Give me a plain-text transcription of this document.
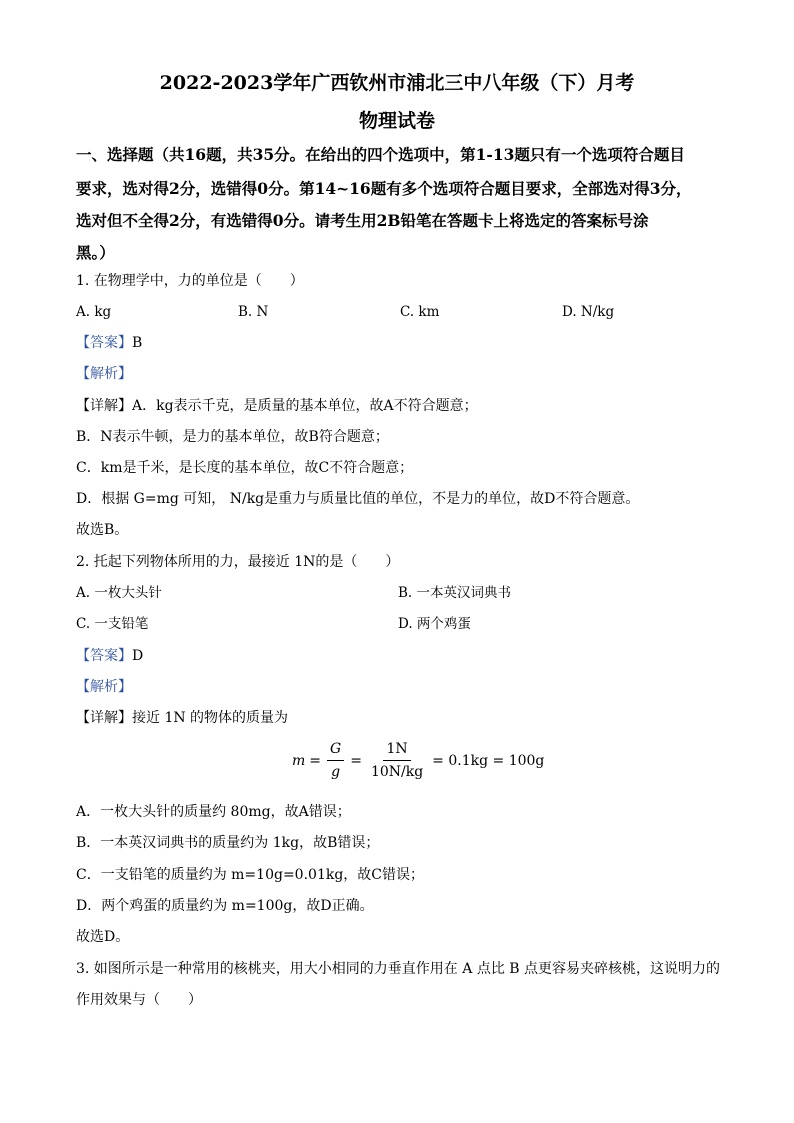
2022-2023学年广西钦州市浦北三中八年级（下）月考
物理试卷
一、选择题（共16题，共35分。在给出的四个选项中，第1-13题只有一个选项符合题目
要求，选对得2分，选错得0分。第14~16题有多个选项符合题目要求，全部选对得3分，
选对但不全得2分，有选错得0分。请考生用2B铅笔在答题卡上将选定的答案标号涂
黑。）
1. 在物理学中，力的单位是（　　）
A. kg	B. N	C. km	D. N/kg
【答案】B
【解析】
【详解】A．kg表示千克，是质量的基本单位，故A不符合题意；
B．N表示牛顿，是力的基本单位，故B符合题意；
C．km是千米，是长度的基本单位，故C不符合题意；
D．根据 G=mg 可知， N/kg是重力与质量比值的单位，不是力的单位，故D不符合题意。
故选B。
2. 托起下列物体所用的力，最接近 1N的是（　　）
A. 一枚大头针	B. 一本英汉词典书
C. 一支铅笔	D. 两个鸡蛋
【答案】D
【解析】
【详解】接近 1N 的物体的质量为
$m = \frac{G}{g} = \frac{1N}{10N/kg} = 0.1kg = 100g$
A．一枚大头针的质量约 80mg，故A错误；
B．一本英汉词典书的质量约为 1kg，故B错误；
C．一支铅笔的质量约为 m=10g=0.01kg，故C错误；
D．两个鸡蛋的质量约为 m=100g，故D正确。
故选D。
3. 如图所示是一种常用的核桃夹，用大小相同的力垂直作用在 A 点比 B 点更容易夹碎核桃，这说明力的
作用效果与（　　）
